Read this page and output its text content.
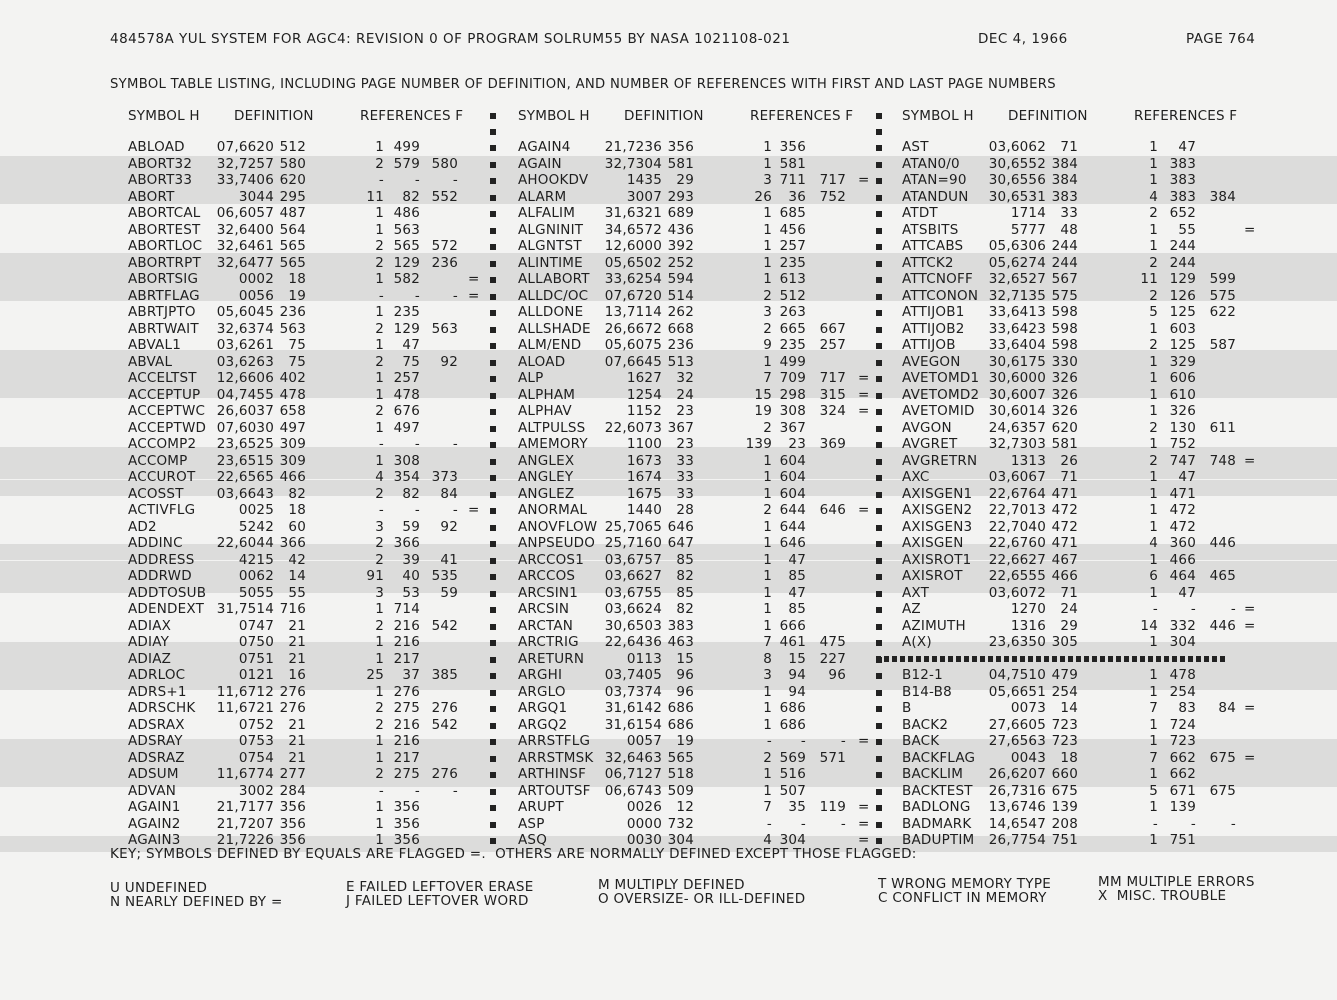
484578A YUL SYSTEM FOR AGC4: REVISION 0 OF PROGRAM SOLRUM55 BY NASA 1021108-021	DEC 4, 1966	PAGE 764
SYMBOL TABLE LISTING, INCLUDING PAGE NUMBER OF DEFINITION, AND NUMBER OF REFERENCES WITH FIRST AND LAST PAGE NUMBERS
SYMBOL H	DEFINITION	REFERENCES F	SYMBOL H	DEFINITION	REFERENCES F	SYMBOL H	DEFINITION	REFERENCES F
ABLOAD	07,6620 512	1 499
ABORT32	32,7257 580	2 579 580
ABORT33	33,7406 620	-	-	-
ABORT	3044 295	11	82 552
ABORTCAL	06,6057 487	1 486
ABORTEST	32,6400 564	1 563
ABORTLOC	32,6461 565	2 565 572
ABORTRPT	32,6477 565	2 129 236
ABORTSIG	0002	18	1 582	=
ABRTFLAG	0056	19	-	-	- =
ABRTJPTO	05,6045 236	1 235
ABRTWAIT	32,6374 563	2 129 563
ABVAL1	03,6261	75	1	47
ABVAL	03,6263	75	2	75	92
ACCELTST	12,6606 402	1 257
ACCEPTUP	04,7455 478	1 478
ACCEPTWC 26,6037 658	2 676
ACCEPTWD 07,6030 497	1 497
ACCOMP2	23,6525 309	-	-	-
ACCOMP	23,6515 309	1 308
ACCUROT	22,6565 466	4 354 373
ACOSST	03,6643	82	2	82	84
ACTIVFLG	0025	18	-	-	- =
AD2	5242	60	3	59	92
ADDINC	22,6044 366	2 366
ADDRESS	4215	42	2	39	41
ADDRWD	0062	14	91	40 535
ADDTOSUB	5055	55	3	53	59
ADENDEXT 31,7514 716	1 714
ADIAX	0747	21	2 216 542
ADIAY	0750	21	1 216
ADIAZ	0751	21	1 217
ADRLOC	0121	16	25	37 385
ADRS+1	11,6712 276	1 276
ADRSCHK	11,6721 276	2 275 276
ADSRAX	0752	21	2 216 542
ADSRAY	0753	21	1 216
ADSRAZ	0754	21	1 217
ADSUM	11,6774 277	2 275 276
ADVAN	3002 284	-	-	-
AGAIN1	21,7177 356	1 356
AGAIN2	21,7207 356	1 356
AGAIN3	21,7226 356	1 356
AGAIN4	21,7236 356	1 356
AGAIN	32,7304 581	1 581
AHOOKDV	1435	29	3 711	717 =
ALARM	3007 293	26	36	752
ALFALIM	31,6321 689	1 685
ALGNINIT	34,6572 436	1 456
ALGNTST	12,6000 392	1 257
ALINTIME	05,6502 252	1 235
ALLABORT	33,6254 594	1 613
ALLDC/OC	07,6720 514	2 512
ALLDONE	13,7114 262	3 263
ALLSHADE	26,6672 668	2 665	667
ALM/END	05,6075 236	9 235	257
ALOAD	07,6645 513	1 499
ALP	1627	32	7 709	717 =
ALPHAM	1254	24	15 298	315 =
ALPHAV	1152	23	19 308	324 =
ALTPULSS	22,6073 367	2 367
AMEMORY	1100	23	139	23	369
ANGLEX	1673	33	1 604
ANGLEY	1674	33	1 604
ANGLEZ	1675	33	1 604
ANORMAL	1440	28	2 644	646 =
ANOVFLOW 25,7065 646	1 644
ANPSEUDO 25,7160 647	1 646
ARCCOS1	03,6757	85	1	47
ARCCOS	03,6627	82	1	85
ARCSIN1	03,6755	85	1	47
ARCSIN	03,6624	82	1	85
ARCTAN	30,6503 383	1 666
ARCTRIG	22,6436 463	7 461	475
ARETURN	0113	15	8	15	227
ARGHI	03,7405	96	3	94	96
ARGLO	03,7374	96	1	94
ARGQ1	31,6142 686	1 686
ARGQ2	31,6154 686	1 686
ARRSTFLG	0057	19	-	-	- =
ARRSTMSK 32,6463 565	2 569	571
ARTHINSF	06,7127 518	1 516
ARTOUTSF	06,6743 509	1 507
ARUPT	0026	12	7	35	119 =
ASP	0000 732	-	-	- =
ASQ	0030 304	4 304	=
AST	03,6062	71	1	47
ATAN0/0	30,6552 384	1 383
ATAN=90	30,6556 384	1 383
ATANDUN	30,6531 383	4 383	384
ATDT	1714	33	2 652
ATSBITS	5777	48	1	55	=
ATTCABS	05,6306 244	1 244
ATTCK2	05,6274 244	2 244
ATTCNOFF	32,6527 567	11 129	599
ATTCONON 32,7135 575	2 126	575
ATTIJOB1	33,6413 598	5 125	622
ATTIJOB2	33,6423 598	1 603
ATTIJOB	33,6404 598	2 125	587
AVEGON	30,6175 330	1 329
AVETOMD1 30,6000 326	1 606
AVETOMD2 30,6007 326	1 610
AVETOMID	30,6014 326	1 326
AVGON	24,6357 620	2 130	611
AVGRET	32,7303 581	1 752
AVGRETRN	1313	26	2 747	748 =
AXC	03,6067	71	1	47
AXISGEN1	22,6764 471	1 471
AXISGEN2	22,7013 472	1 472
AXISGEN3	22,7040 472	1 472
AXISGEN	22,6760 471	4 360	446
AXISROT1	22,6627 467	1 466
AXISROT	22,6555 466	6 464	465
AXT	03,6072	71	1	47
AZ	1270	24	-	-	- =
AZIMUTH	1316	29	14 332	446 =
A(X)	23,6350 305	1 304
B12-1	04,7510 479	1 478
B14-B8	05,6651 254	1 254
B	0073	14	7	83	84 =
BACK2	27,6605 723	1 724
BACK	27,6563 723	1 723
BACKFLAG	0043	18	7 662	675 =
BACKLIM	26,6207 660	1 662
BACKTEST	26,7316 675	5 671	675
BADLONG	13,6746 139	1 139
BADMARK	14,6547 208	-	-	-
BADUPTIM	26,7754 751	1 751
KEY; SYMBOLS DEFINED BY EQUALS ARE FLAGGED =.  OTHERS ARE NORMALLY DEFINED EXCEPT THOSE FLAGGED:
U UNDEFINED	E FAILED LEFTOVER ERASE	M MULTIPLY DEFINED	T WRONG MEMORY TYPE	MM MULTIPLE ERRORS
N NEARLY DEFINED BY =	J FAILED LEFTOVER WORD	O OVERSIZE- OR ILL-DEFINED	C CONFLICT IN MEMORY	X  MISC. TROUBLE
